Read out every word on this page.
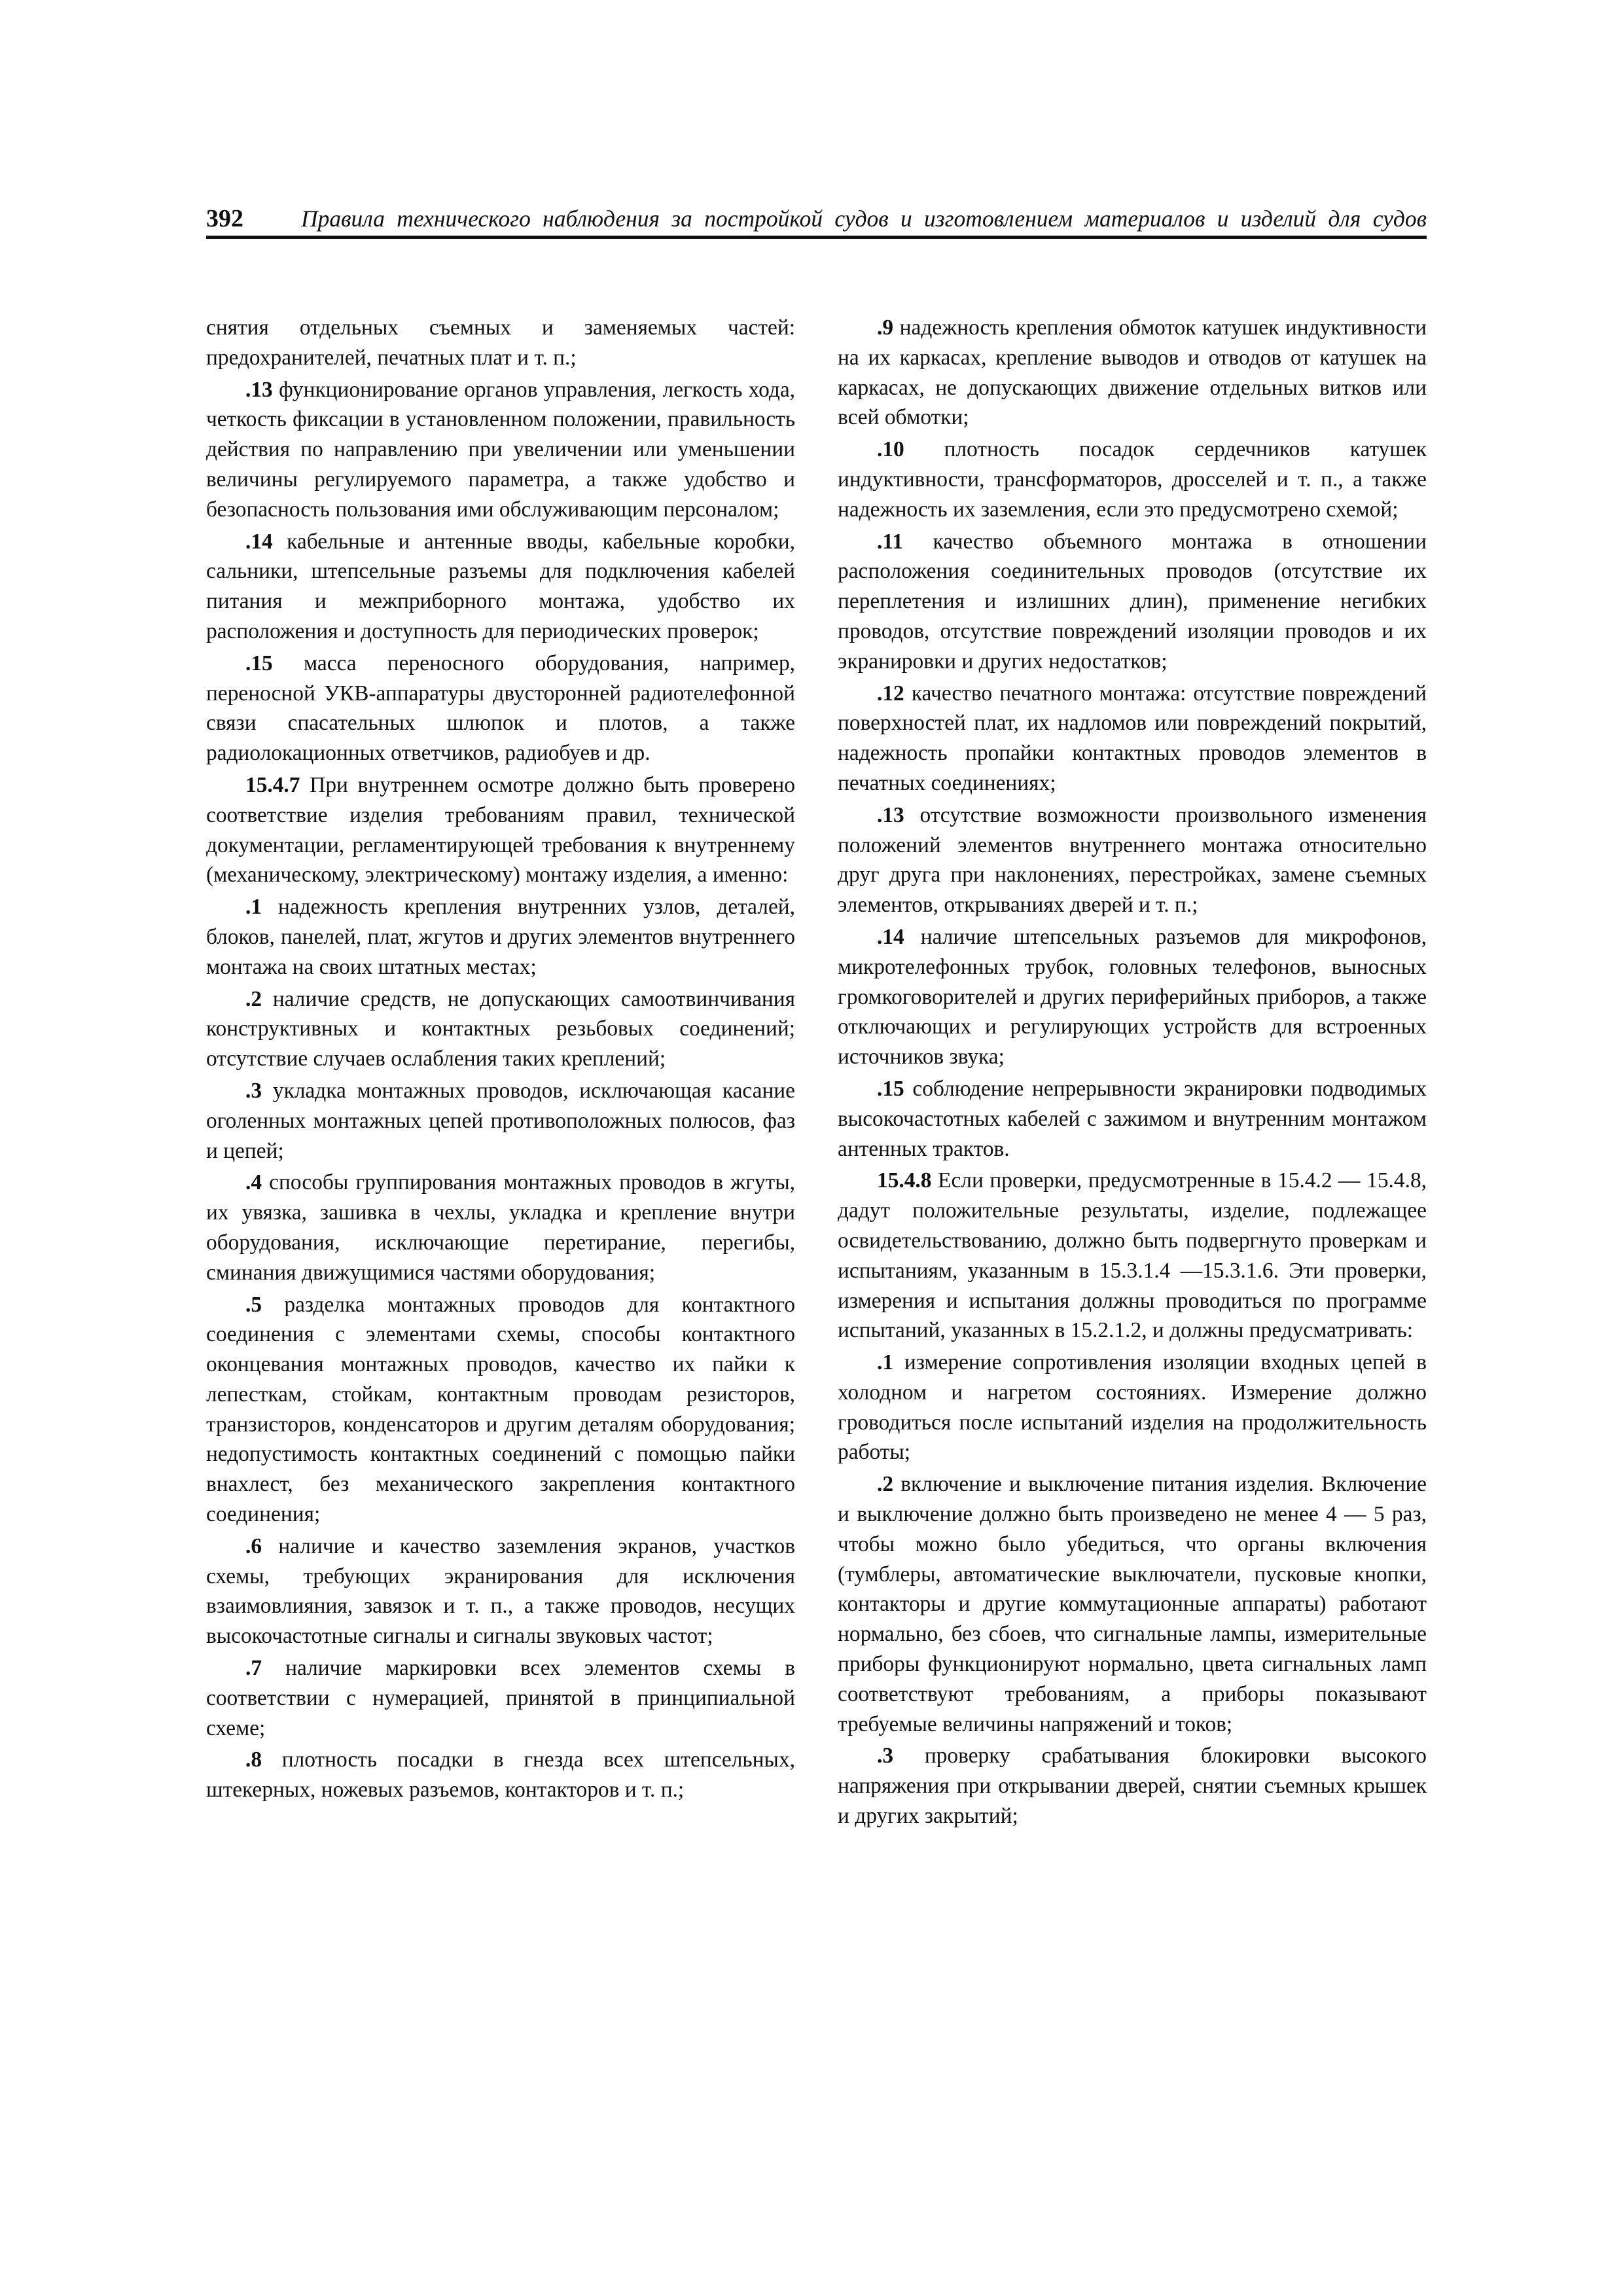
392 Правила технического наблюдения за постройкой судов и изготовлением материалов и изделий для судов

снятия отдельных съемных и заменяемых частей: предохранителей, печатных плат и т. п.;

.13 функционирование органов управления, легкость хода, четкость фиксации в установленном положении, правильность действия по направлению при увеличении или уменьшении величины регулируемого параметра, а также удобство и безопасность пользования ими обслуживающим персоналом;

.14 кабельные и антенные вводы, кабельные коробки, сальники, штепсельные разъемы для подключения кабелей питания и межприборного монтажа, удобство их расположения и доступность для периодических проверок;

.15 масса переносного оборудования, например, переносной УКВ-аппаратуры двусторонней радиотелефонной связи спасательных шлюпок и плотов, а также радиолокационных ответчиков, радиобуев и др.

15.4.7 При внутреннем осмотре должно быть проверено соответствие изделия требованиям правил, технической документации, регламентирующей требования к внутреннему (механическому, электрическому) монтажу изделия, а именно:

.1 надежность крепления внутренних узлов, деталей, блоков, панелей, плат, жгутов и других элементов внутреннего монтажа на своих штатных местах;

.2 наличие средств, не допускающих самоотвинчивания конструктивных и контактных резьбовых соединений; отсутствие случаев ослабления таких креплений;

.3 укладка монтажных проводов, исключающая касание оголенных монтажных цепей противоположных полюсов, фаз и цепей;

.4 способы группирования монтажных проводов в жгуты, их увязка, зашивка в чехлы, укладка и крепление внутри оборудования, исключающие перетирание, перегибы, сминания движущимися частями оборудования;

.5 разделка монтажных проводов для контактного соединения с элементами схемы, способы контактного оконцевания монтажных проводов, качество их пайки к лепесткам, стойкам, контактным проводам резисторов, транзисторов, конденсаторов и другим деталям оборудования; недопустимость контактных соединений с помощью пайки внахлест, без механического закрепления контактного соединения;

.6 наличие и качество заземления экранов, участков схемы, требующих экранирования для исключения взаимовлияния, завязок и т. п., а также проводов, несущих высокочастотные сигналы и сигналы звуковых частот;

.7 наличие маркировки всех элементов схемы в соответствии с нумерацией, принятой в принципиальной схеме;

.8 плотность посадки в гнезда всех штепсельных, штекерных, ножевых разъемов, контакторов и т. п.;

.9 надежность крепления обмоток катушек индуктивности на их каркасах, крепление выводов и отводов от катушек на каркасах, не допускающих движение отдельных витков или всей обмотки;

.10 плотность посадок сердечников катушек индуктивности, трансформаторов, дросселей и т. п., а также надежность их заземления, если это предусмотрено схемой;

.11 качество объемного монтажа в отношении расположения соединительных проводов (отсутствие их переплетения и излишних длин), применение негибких проводов, отсутствие повреждений изоляции проводов и их экранировки и других недостатков;

.12 качество печатного монтажа: отсутствие повреждений поверхностей плат, их надломов или повреждений покрытий, надежность пропайки контактных проводов элементов в печатных соединениях;

.13 отсутствие возможности произвольного изменения положений элементов внутреннего монтажа относительно друг друга при наклонениях, перестройках, замене съемных элементов, открываниях дверей и т. п.;

.14 наличие штепсельных разъемов для микрофонов, микротелефонных трубок, головных телефонов, выносных громкоговорителей и других периферийных приборов, а также отключающих и регулирующих устройств для встроенных источников звука;

.15 соблюдение непрерывности экранировки подводимых высокочастотных кабелей с зажимом и внутренним монтажом антенных трактов.

15.4.8 Если проверки, предусмотренные в 15.4.2 — 15.4.8, дадут положительные результаты, изделие, подлежащее освидетельствованию, должно быть подвергнуто проверкам и испытаниям, указанным в 15.3.1.4 —15.3.1.6. Эти проверки, измерения и испытания должны проводиться по программе испытаний, указанных в 15.2.1.2, и должны предусматривать:

.1 измерение сопротивления изоляции входных цепей в холодном и нагретом состояниях. Измерение должно гроводиться после испытаний изделия на продолжительность работы;

.2 включение и выключение питания изделия. Включение и выключение должно быть произведено не менее 4 — 5 раз, чтобы можно было убедиться, что органы включения (тумблеры, автоматические выключатели, пусковые кнопки, контакторы и другие коммутационные аппараты) работают нормально, без сбоев, что сигнальные лампы, измерительные приборы функционируют нормально, цвета сигнальных ламп соответствуют требованиям, а приборы показывают требуемые величины напряжений и токов;

.3 проверку срабатывания блокировки высокого напряжения при открывании дверей, снятии съемных крышек и других закрытий;
